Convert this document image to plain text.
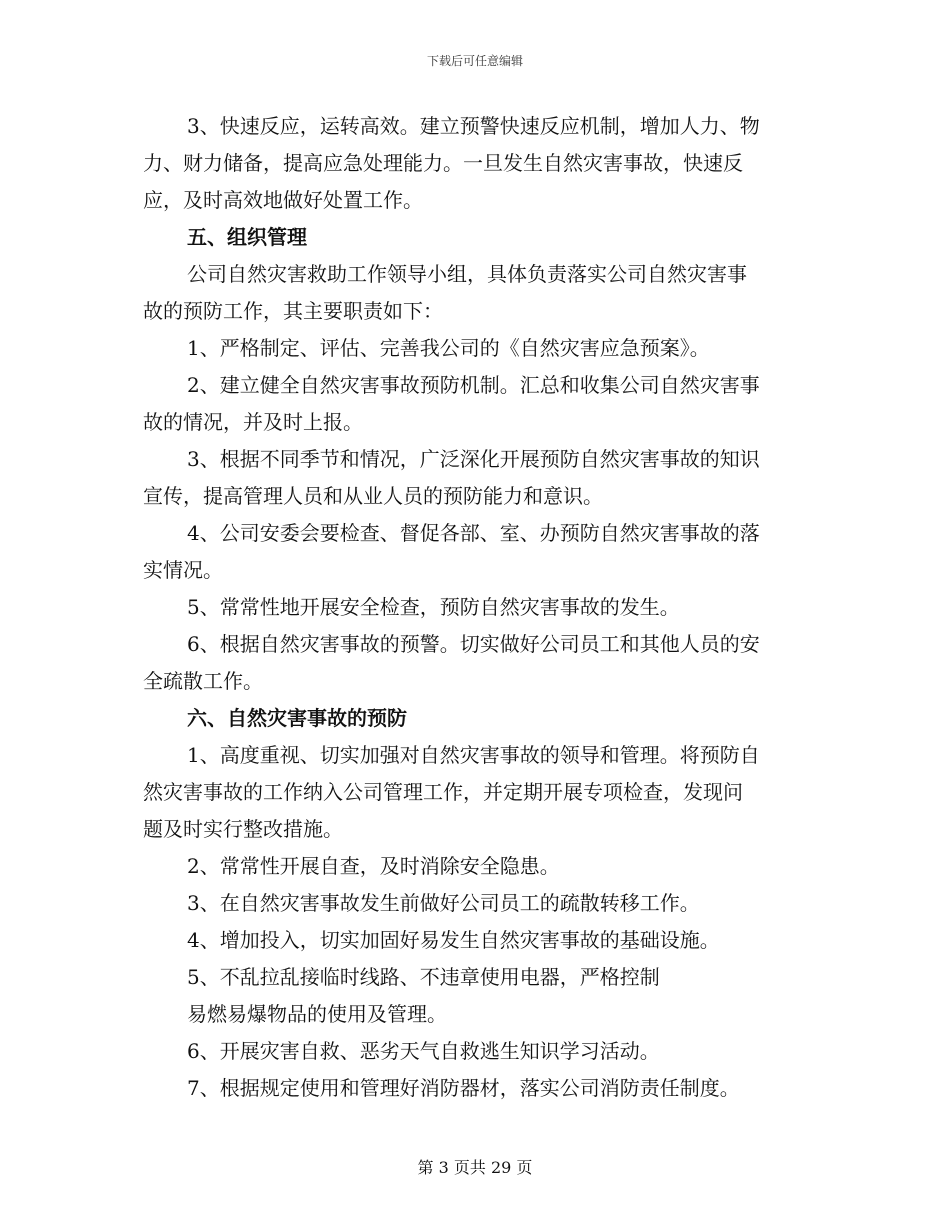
下载后可任意编辑
3、快速反应，运转高效。建立预警快速反应机制，增加人力、物
力、财力储备，提高应急处理能力。一旦发生自然灾害事故，快速反
应，及时高效地做好处置工作。
五、组织管理
公司自然灾害救助工作领导小组，具体负责落实公司自然灾害事
故的预防工作，其主要职责如下：
1、严格制定、评估、完善我公司的《自然灾害应急预案》。
2、建立健全自然灾害事故预防机制。汇总和收集公司自然灾害事
故的情况，并及时上报。
3、根据不同季节和情况，广泛深化开展预防自然灾害事故的知识
宣传，提高管理人员和从业人员的预防能力和意识。
4、公司安委会要检查、督促各部、室、办预防自然灾害事故的落
实情况。
5、常常性地开展安全检查，预防自然灾害事故的发生。
6、根据自然灾害事故的预警。切实做好公司员工和其他人员的安
全疏散工作。
六、自然灾害事故的预防
1、高度重视、切实加强对自然灾害事故的领导和管理。将预防自
然灾害事故的工作纳入公司管理工作，并定期开展专项检查，发现问
题及时实行整改措施。
2、常常性开展自查，及时消除安全隐患。
3、在自然灾害事故发生前做好公司员工的疏散转移工作。
4、增加投入，切实加固好易发生自然灾害事故的基础设施。
5、不乱拉乱接临时线路、不违章使用电器，严格控制
易燃易爆物品的使用及管理。
6、开展灾害自救、恶劣天气自救逃生知识学习活动。
7、根据规定使用和管理好消防器材，落实公司消防责任制度。
第 3 页共 29 页
